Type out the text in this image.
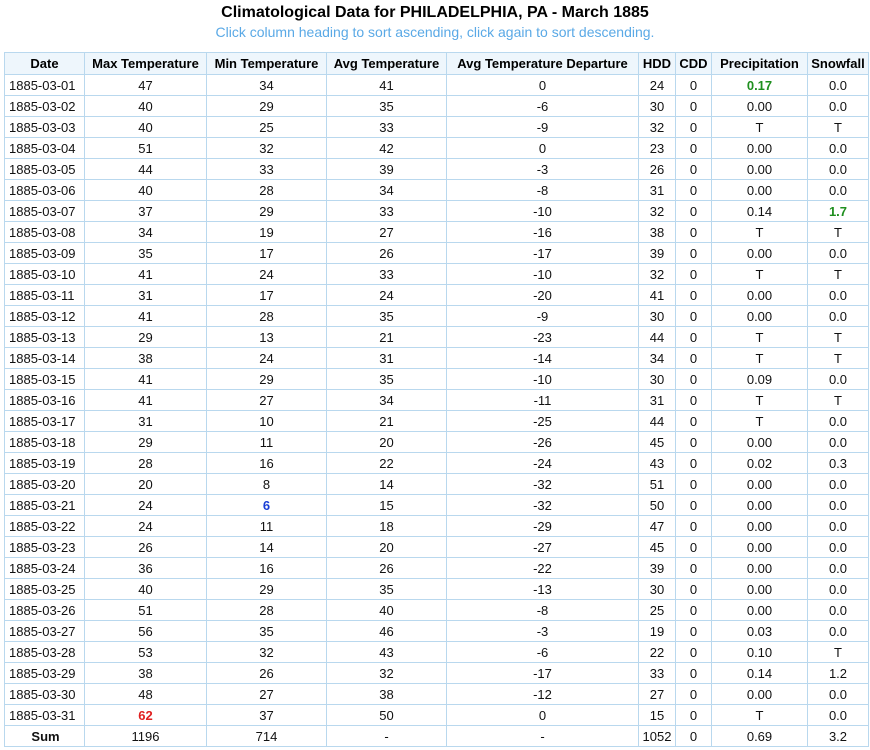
Climatological Data for PHILADELPHIA, PA - March 1885
Click column heading to sort ascending, click again to sort descending.
Date	Max Temperature	Min Temperature	Avg Temperature	Avg Temperature Departure	HDD	CDD	Precipitation	Snowfall
1885-03-01	47	34	41	0	24	0	0.17	0.0
1885-03-02	40	29	35	-6	30	0	0.00	0.0
1885-03-03	40	25	33	-9	32	0	T	T
1885-03-04	51	32	42	0	23	0	0.00	0.0
1885-03-05	44	33	39	-3	26	0	0.00	0.0
1885-03-06	40	28	34	-8	31	0	0.00	0.0
1885-03-07	37	29	33	-10	32	0	0.14	1.7
1885-03-08	34	19	27	-16	38	0	T	T
1885-03-09	35	17	26	-17	39	0	0.00	0.0
1885-03-10	41	24	33	-10	32	0	T	T
1885-03-11	31	17	24	-20	41	0	0.00	0.0
1885-03-12	41	28	35	-9	30	0	0.00	0.0
1885-03-13	29	13	21	-23	44	0	T	T
1885-03-14	38	24	31	-14	34	0	T	T
1885-03-15	41	29	35	-10	30	0	0.09	0.0
1885-03-16	41	27	34	-11	31	0	T	T
1885-03-17	31	10	21	-25	44	0	T	0.0
1885-03-18	29	11	20	-26	45	0	0.00	0.0
1885-03-19	28	16	22	-24	43	0	0.02	0.3
1885-03-20	20	8	14	-32	51	0	0.00	0.0
1885-03-21	24	6	15	-32	50	0	0.00	0.0
1885-03-22	24	11	18	-29	47	0	0.00	0.0
1885-03-23	26	14	20	-27	45	0	0.00	0.0
1885-03-24	36	16	26	-22	39	0	0.00	0.0
1885-03-25	40	29	35	-13	30	0	0.00	0.0
1885-03-26	51	28	40	-8	25	0	0.00	0.0
1885-03-27	56	35	46	-3	19	0	0.03	0.0
1885-03-28	53	32	43	-6	22	0	0.10	T
1885-03-29	38	26	32	-17	33	0	0.14	1.2
1885-03-30	48	27	38	-12	27	0	0.00	0.0
1885-03-31	62	37	50	0	15	0	T	0.0
Sum	1196	714	-	-	1052	0	0.69	3.2
